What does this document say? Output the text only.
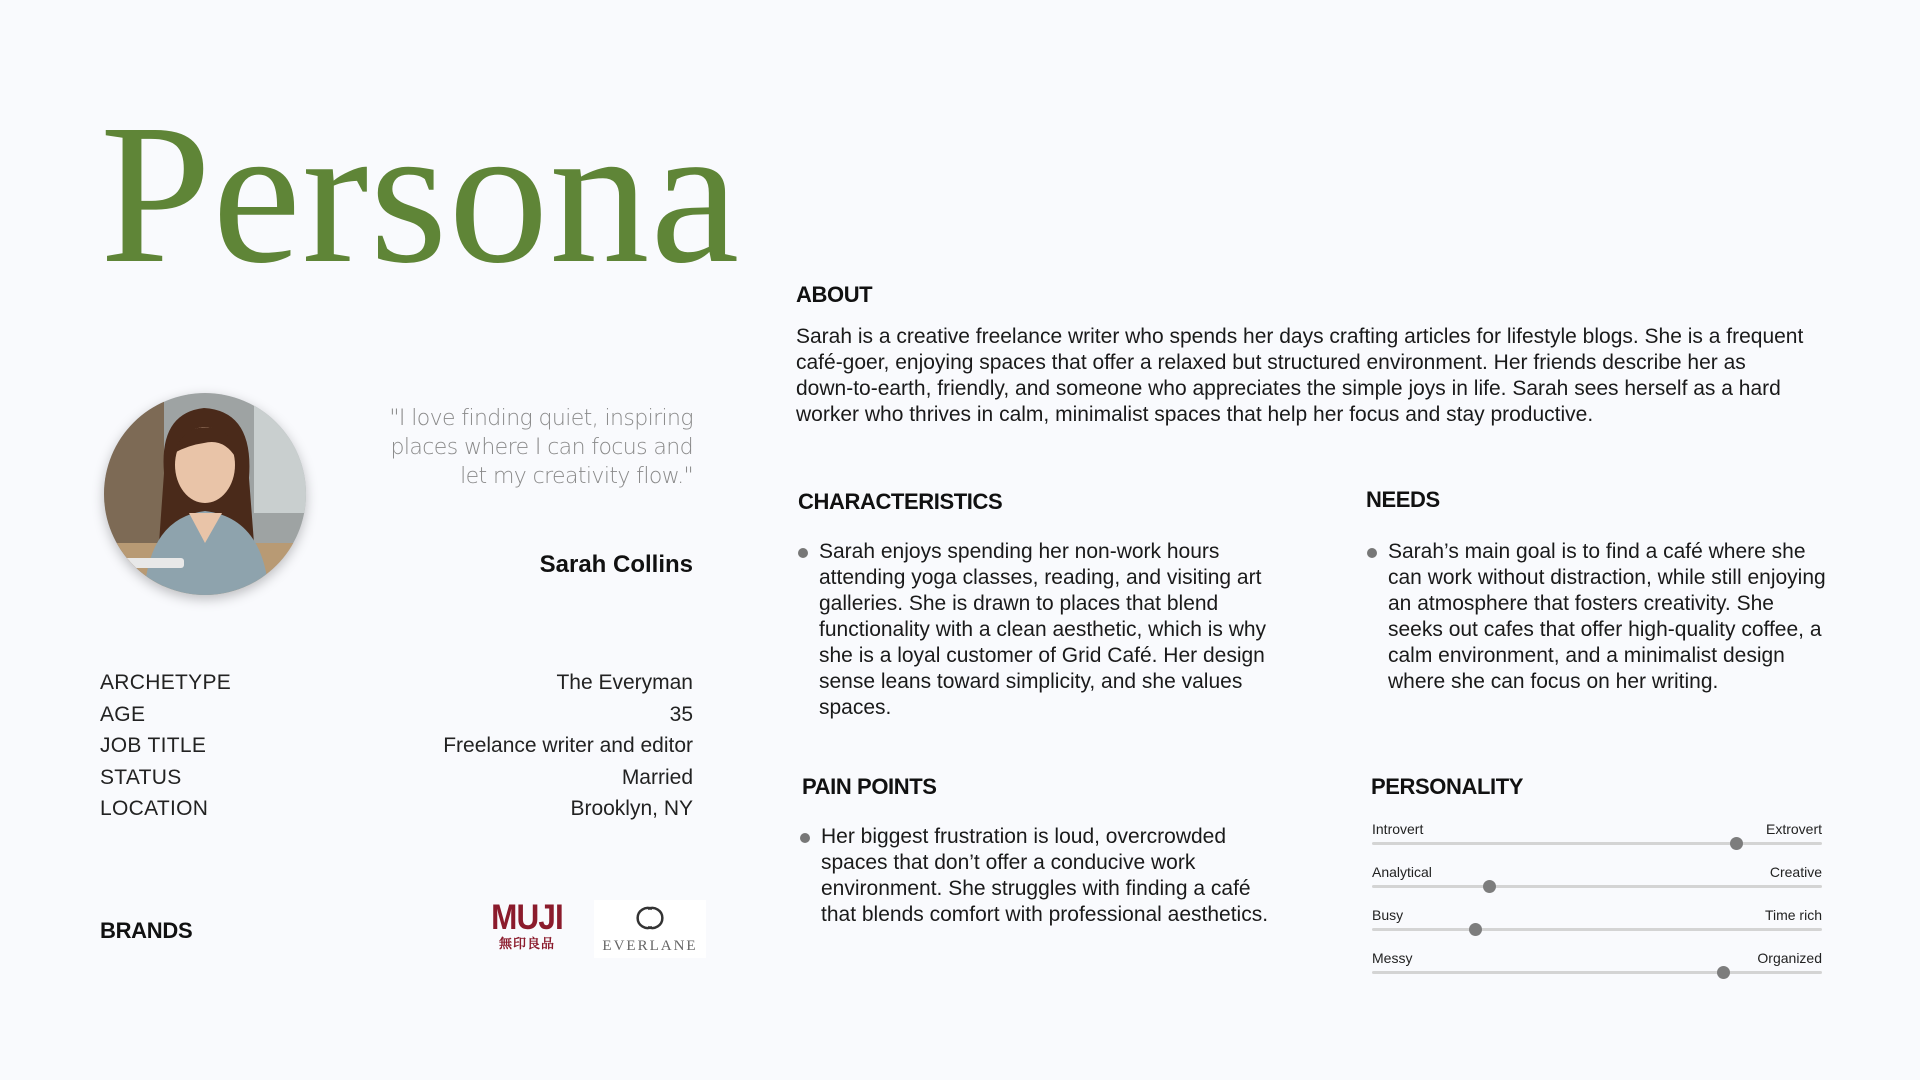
Persona
"I love finding quiet, inspiring places where I can focus and let my creativity flow."
Sarah Collins
ARCHETYPE	The Everyman
AGE	35
JOB TITLE	Freelance writer and editor
STATUS	Married
LOCATION	Brooklyn, NY
BRANDS	MUJI
無印良品	EVERLANE
ABOUT
Sarah is a creative freelance writer who spends her days crafting articles for lifestyle blogs. She is a frequent café-goer, enjoying spaces that offer a relaxed but structured environment. Her friends describe her as down-to-earth, friendly, and someone who appreciates the simple joys in life. Sarah sees herself as a hard worker who thrives in calm, minimalist spaces that help her focus and stay productive.
CHARACTERISTICS
Sarah enjoys spending her non-work hours attending yoga classes, reading, and visiting art galleries. She is drawn to places that blend functionality with a clean aesthetic, which is why she is a loyal customer of Grid Café. Her design sense leans toward simplicity, and she values spaces.
NEEDS
Sarah’s main goal is to find a café where she can work without distraction, while still enjoying an atmosphere that fosters creativity. She seeks out cafes that offer high-quality coffee, a calm environment, and a minimalist design where she can focus on her writing.
PAIN POINTS
Her biggest frustration is loud, overcrowded spaces that don’t offer a conducive work environment. She struggles with finding a café that blends comfort with professional aesthetics.
PERSONALITY
Introvert	Extrovert
Analytical	Creative
Busy	Time rich
Messy	Organized
